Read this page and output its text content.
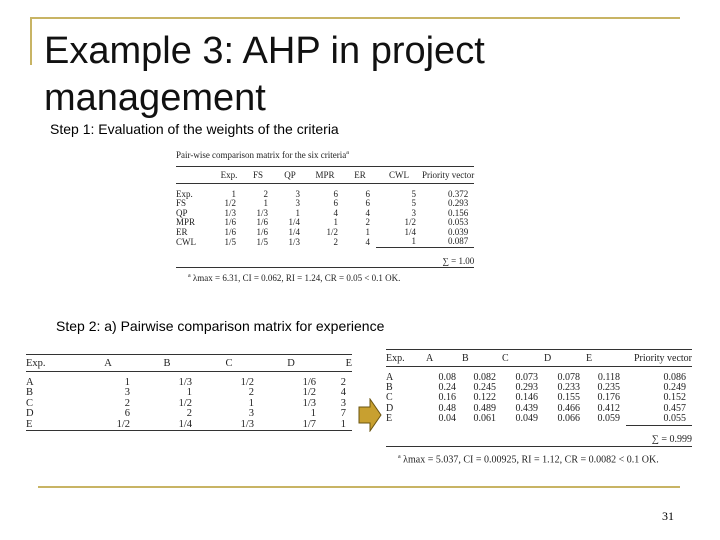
Example 3: AHP in project management
Step 1: Evaluation of the weights of the criteria
Step 2: a) Pairwise comparison matrix for experience
Pair-wise comparison matrix for the six criteria$^a$

	Exp.	FS	QP	MPR	ER	CWL	Priority vector

Exp.	1	2	3	6	6	5	0.372
FS	1/2	1	3	6	6	5	0.293
QP	1/3	1/3	1	4	4	3	0.156
MPR	1/6	1/6	1/4	1	2	1/2	0.053
ER	1/6	1/6	1/4	1/2	1	1/4	0.039
CWL	1/5	1/5	1/3	2	4	1	0.087

						∑ = 1.00	

$^a$ λmax = 6.31, CI = 0.062, RI = 1.24, CR = 0.05 < 0.1 OK.

Exp.	A	B	C	D	E

A	1	1/3	1/2	1/6	2
B	3	1	2	1/2	4
C	2	1/2	1	1/3	3
D	6	2	3	1	7
E	1/2	1/4	1/3	1/7	1

Exp.	A	B	C	D	E	Priority vector

A	0.08	0.082	0.073	0.078	0.118	0.086
B	0.24	0.245	0.293	0.233	0.235	0.249
C	0.16	0.122	0.146	0.155	0.176	0.152
D	0.48	0.489	0.439	0.466	0.412	0.457
E	0.04	0.061	0.049	0.066	0.059	0.055

						∑ = 0.999

$^a$ λmax = 5.037, CI = 0.00925, RI = 1.12, CR = 0.0082 < 0.1 OK.
31
